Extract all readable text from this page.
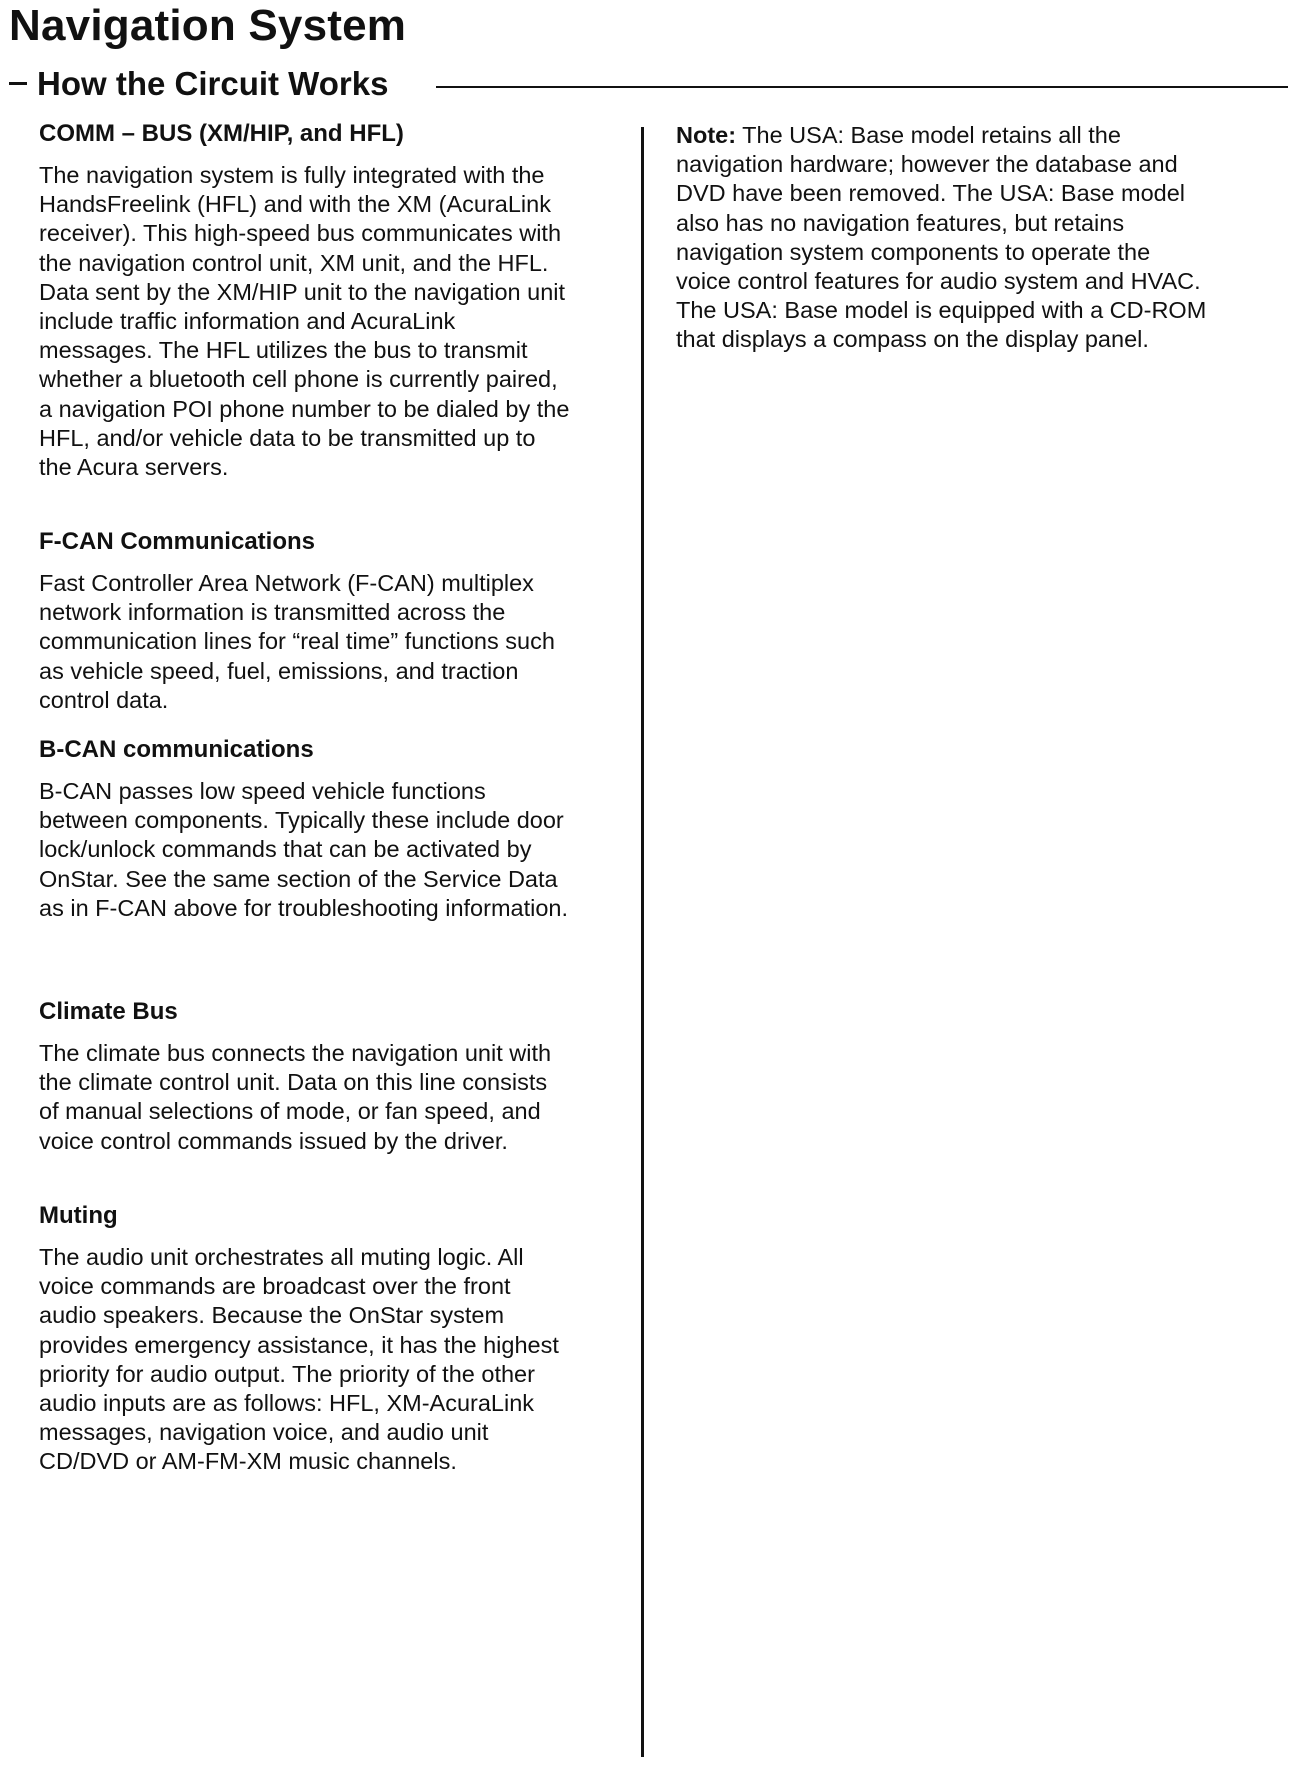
Navigation System
How the Circuit Works
COMM – BUS (XM/HIP, and HFL)

The navigation system is fully integrated with the
HandsFreelink (HFL) and with the XM (AcuraLink
receiver). This high-speed bus communicates with
the navigation control unit, XM unit, and the HFL.
Data sent by the XM/HIP unit to the navigation unit
include traffic information and AcuraLink
messages. The HFL utilizes the bus to transmit
whether a bluetooth cell phone is currently paired,
a navigation POI phone number to be dialed by the
HFL, and/or vehicle data to be transmitted up to
the Acura servers.

F-CAN Communications

Fast Controller Area Network (F-CAN) multiplex
network information is transmitted across the
communication lines for “real time” functions such
as vehicle speed, fuel, emissions, and traction
control data.

B-CAN communications

B-CAN passes low speed vehicle functions
between components. Typically these include door
lock/unlock commands that can be activated by
OnStar. See the same section of the Service Data
as in F-CAN above for troubleshooting information.

Climate Bus

The climate bus connects the navigation unit with
the climate control unit. Data on this line consists
of manual selections of mode, or fan speed, and
voice control commands issued by the driver.

Muting

The audio unit orchestrates all muting logic. All
voice commands are broadcast over the front
audio speakers. Because the OnStar system
provides emergency assistance, it has the highest
priority for audio output. The priority of the other
audio inputs are as follows: HFL, XM-AcuraLink
messages, navigation voice, and audio unit
CD/DVD or AM-FM-XM music channels.

Note: The USA: Base model retains all the
navigation hardware; however the database and
DVD have been removed. The USA: Base model
also has no navigation features, but retains
navigation system components to operate the
voice control features for audio system and HVAC.
The USA: Base model is equipped with a CD-ROM
that displays a compass on the display panel.
